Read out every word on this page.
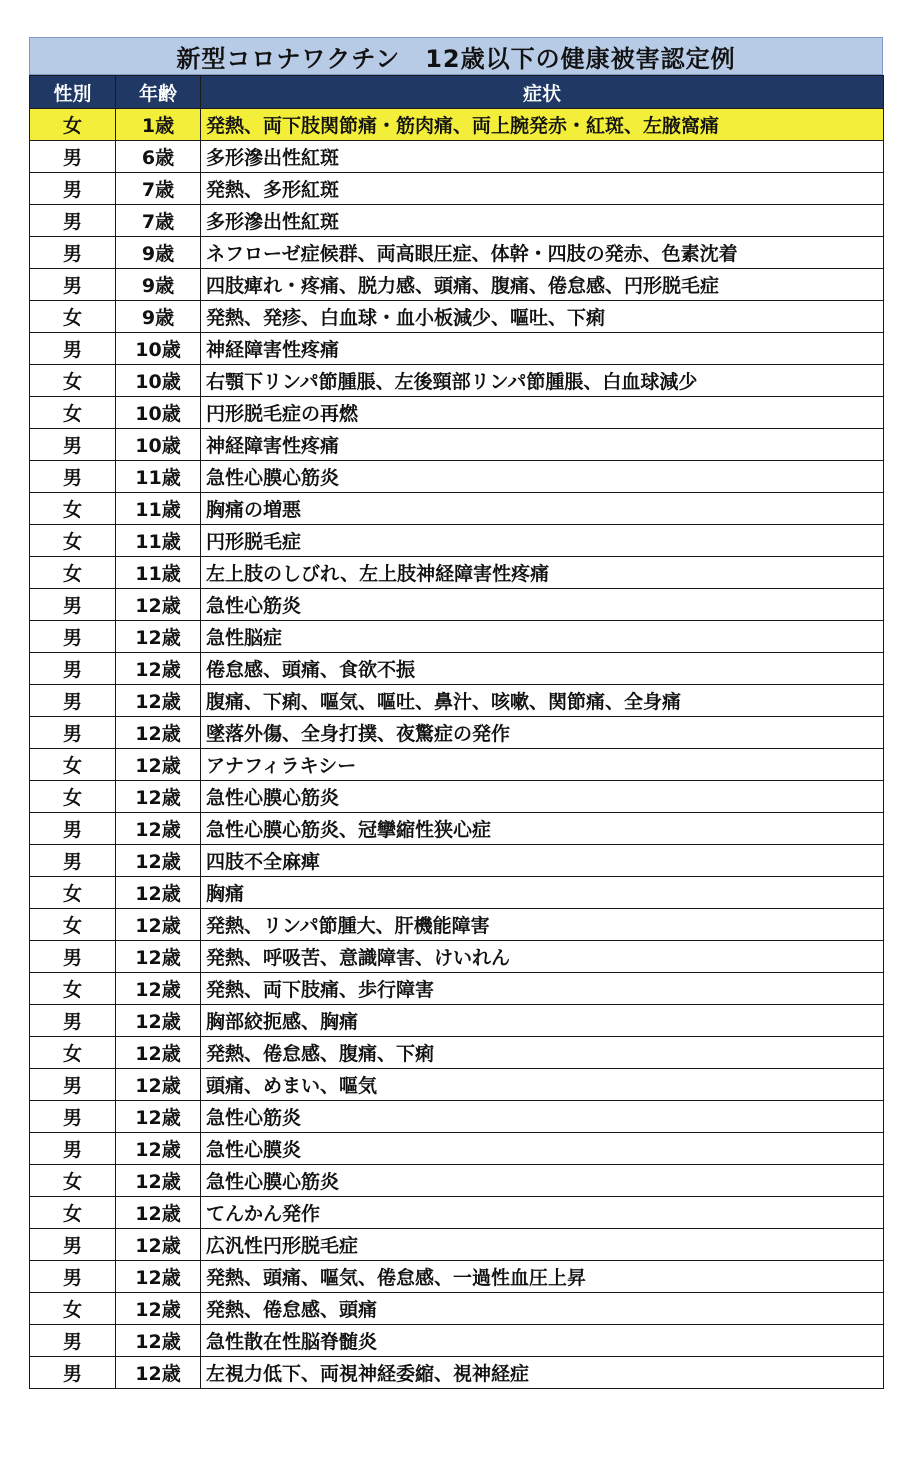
新型コロナワクチン　12歳以下の健康被害認定例
性別	年齢	症状
女	1歳	発熱、両下肢関節痛・筋肉痛、両上腕発赤・紅斑、左腋窩痛
男	6歳	多形滲出性紅斑
男	7歳	発熱、多形紅斑
男	7歳	多形滲出性紅斑
男	9歳	ネフローゼ症候群、両高眼圧症、体幹・四肢の発赤、色素沈着
男	9歳	四肢痺れ・疼痛、脱力感、頭痛、腹痛、倦怠感、円形脱毛症
女	9歳	発熱、発疹、白血球・血小板減少、嘔吐、下痢
男	10歳	神経障害性疼痛
女	10歳	右顎下リンパ節腫脹、左後頸部リンパ節腫脹、白血球減少
女	10歳	円形脱毛症の再燃
男	10歳	神経障害性疼痛
男	11歳	急性心膜心筋炎
女	11歳	胸痛の増悪
女	11歳	円形脱毛症
女	11歳	左上肢のしびれ、左上肢神経障害性疼痛
男	12歳	急性心筋炎
男	12歳	急性脳症
男	12歳	倦怠感、頭痛、食欲不振
男	12歳	腹痛、下痢、嘔気、嘔吐、鼻汁、咳嗽、関節痛、全身痛
男	12歳	墜落外傷、全身打撲、夜驚症の発作
女	12歳	アナフィラキシー
女	12歳	急性心膜心筋炎
男	12歳	急性心膜心筋炎、冠攣縮性狭心症
男	12歳	四肢不全麻痺
女	12歳	胸痛
女	12歳	発熱、リンパ節腫大、肝機能障害
男	12歳	発熱、呼吸苦、意識障害、けいれん
女	12歳	発熱、両下肢痛、歩行障害
男	12歳	胸部絞扼感、胸痛
女	12歳	発熱、倦怠感、腹痛、下痢
男	12歳	頭痛、めまい、嘔気
男	12歳	急性心筋炎
男	12歳	急性心膜炎
女	12歳	急性心膜心筋炎
女	12歳	てんかん発作
男	12歳	広汎性円形脱毛症
男	12歳	発熱、頭痛、嘔気、倦怠感、一過性血圧上昇
女	12歳	発熱、倦怠感、頭痛
男	12歳	急性散在性脳脊髄炎
男	12歳	左視力低下、両視神経委縮、視神経症
